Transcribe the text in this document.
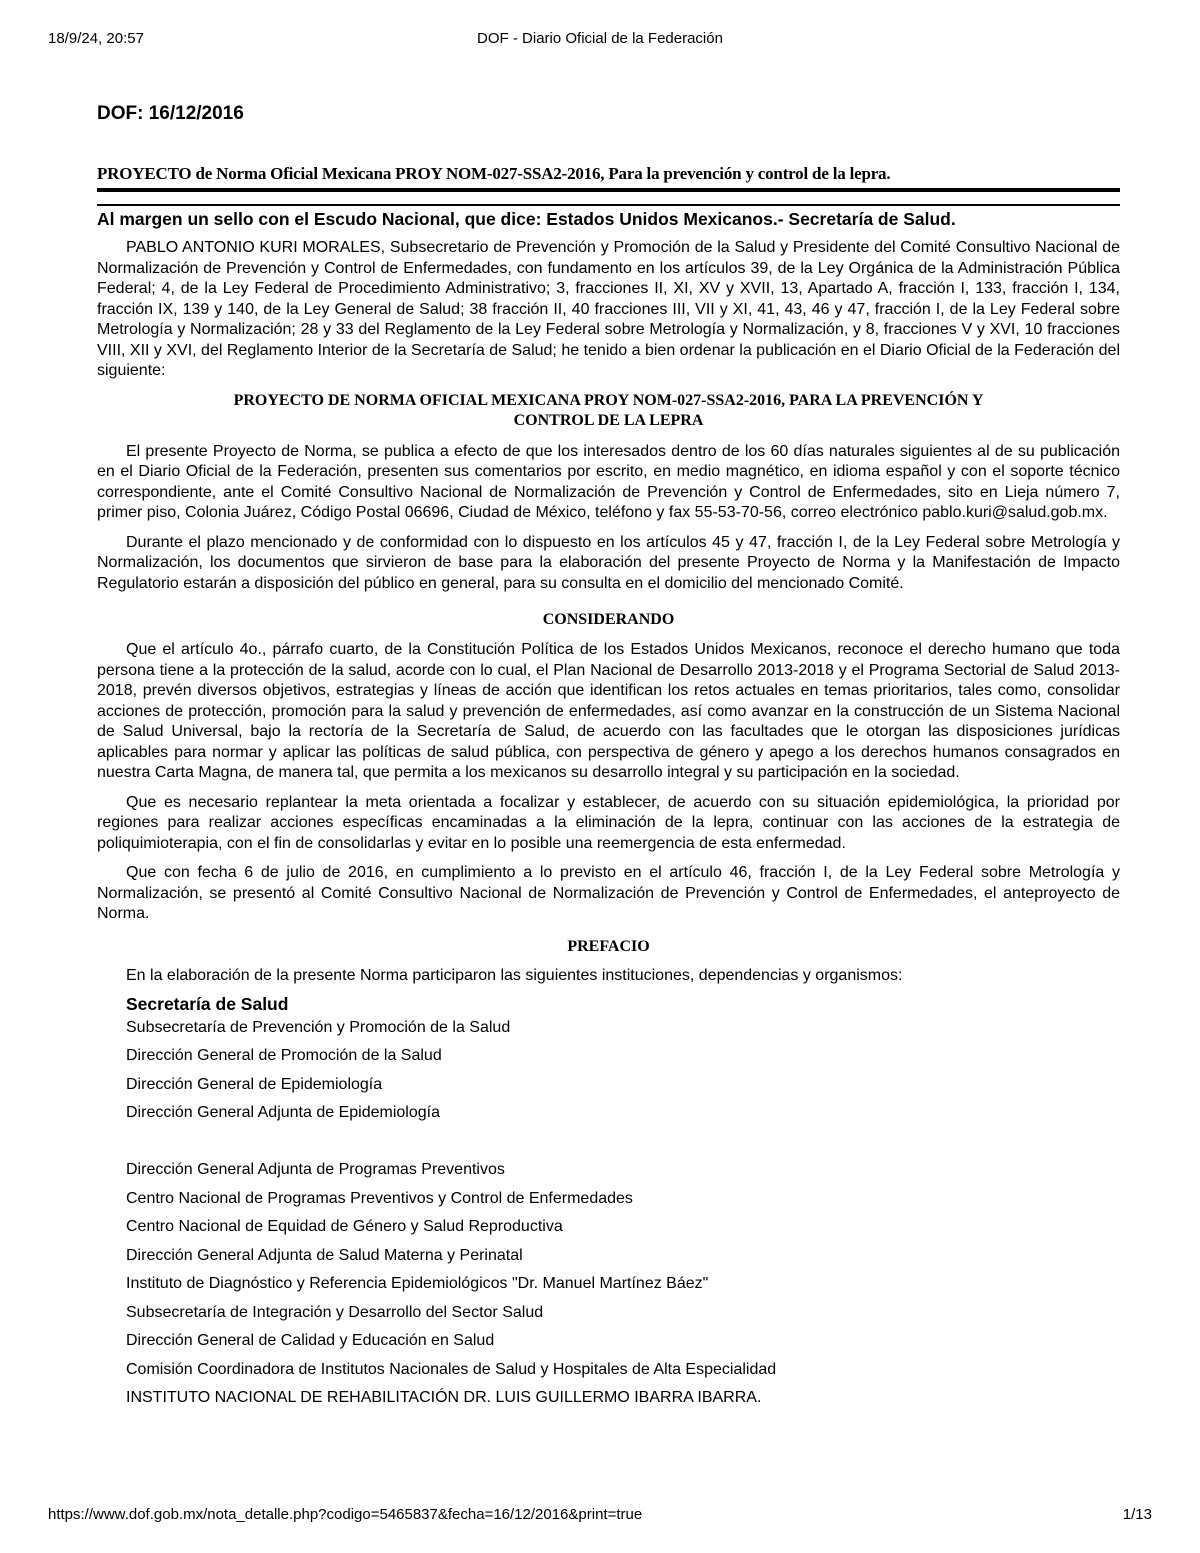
18/9/24, 20:57	DOF - Diario Oficial de la Federación
DOF: 16/12/2016
PROYECTO de Norma Oficial Mexicana PROY NOM-027-SSA2-2016, Para la prevención y control de la lepra.
Al margen un sello con el Escudo Nacional, que dice: Estados Unidos Mexicanos.- Secretaría de Salud.

PABLO ANTONIO KURI MORALES, Subsecretario de Prevención y Promoción de la Salud y Presidente del Comité Consultivo Nacional de Normalización de Prevención y Control de Enfermedades, con fundamento en los artículos 39, de la Ley Orgánica de la Administración Pública Federal; 4, de la Ley Federal de Procedimiento Administrativo; 3, fracciones II, XI, XV y XVII, 13, Apartado A, fracción I, 133, fracción I, 134, fracción IX, 139 y 140, de la Ley General de Salud; 38 fracción II, 40 fracciones III, VII y XI, 41, 43, 46 y 47, fracción I, de la Ley Federal sobre Metrología y Normalización; 28 y 33 del Reglamento de la Ley Federal sobre Metrología y Normalización, y 8, fracciones V y XVI, 10 fracciones VIII, XII y XVI, del Reglamento Interior de la Secretaría de Salud; he tenido a bien ordenar la publicación en el Diario Oficial de la Federación del siguiente:

PROYECTO DE NORMA OFICIAL MEXICANA PROY NOM-027-SSA2-2016, PARA LA PREVENCIÓN Y
CONTROL DE LA LEPRA

El presente Proyecto de Norma, se publica a efecto de que los interesados dentro de los 60 días naturales siguientes al de su publicación en el Diario Oficial de la Federación, presenten sus comentarios por escrito, en medio magnético, en idioma español y con el soporte técnico correspondiente, ante el Comité Consultivo Nacional de Normalización de Prevención y Control de Enfermedades, sito en Lieja número 7, primer piso, Colonia Juárez, Código Postal 06696, Ciudad de México, teléfono y fax 55-53-70-56, correo electrónico pablo.kuri@salud.gob.mx.

Durante el plazo mencionado y de conformidad con lo dispuesto en los artículos 45 y 47, fracción I, de la Ley Federal sobre Metrología y Normalización, los documentos que sirvieron de base para la elaboración del presente Proyecto de Norma y la Manifestación de Impacto Regulatorio estarán a disposición del público en general, para su consulta en el domicilio del mencionado Comité.

CONSIDERANDO

Que el artículo 4o., párrafo cuarto, de la Constitución Política de los Estados Unidos Mexicanos, reconoce el derecho humano que toda persona tiene a la protección de la salud, acorde con lo cual, el Plan Nacional de Desarrollo 2013-2018 y el Programa Sectorial de Salud 2013-2018, prevén diversos objetivos, estrategias y líneas de acción que identifican los retos actuales en temas prioritarios, tales como, consolidar acciones de protección, promoción para la salud y prevención de enfermedades, así como avanzar en la construcción de un Sistema Nacional de Salud Universal, bajo la rectoría de la Secretaría de Salud, de acuerdo con las facultades que le otorgan las disposiciones jurídicas aplicables para normar y aplicar las políticas de salud pública, con perspectiva de género y apego a los derechos humanos consagrados en nuestra Carta Magna, de manera tal, que permita a los mexicanos su desarrollo integral y su participación en la sociedad.

Que es necesario replantear la meta orientada a focalizar y establecer, de acuerdo con su situación epidemiológica, la prioridad por regiones para realizar acciones específicas encaminadas a la eliminación de la lepra, continuar con las acciones de la estrategia de poliquimioterapia, con el fin de consolidarlas y evitar en lo posible una reemergencia de esta enfermedad.

Que con fecha 6 de julio de 2016, en cumplimiento a lo previsto en el artículo 46, fracción I, de la Ley Federal sobre Metrología y Normalización, se presentó al Comité Consultivo Nacional de Normalización de Prevención y Control de Enfermedades, el anteproyecto de Norma.

PREFACIO

En la elaboración de la presente Norma participaron las siguientes instituciones, dependencias y organismos:

Secretaría de Salud
Subsecretaría de Prevención y Promoción de la Salud
Dirección General de Promoción de la Salud
Dirección General de Epidemiología
Dirección General Adjunta de Epidemiología
Dirección General Adjunta de Programas Preventivos
Centro Nacional de Programas Preventivos y Control de Enfermedades
Centro Nacional de Equidad de Género y Salud Reproductiva
Dirección General Adjunta de Salud Materna y Perinatal
Instituto de Diagnóstico y Referencia Epidemiológicos "Dr. Manuel Martínez Báez"
Subsecretaría de Integración y Desarrollo del Sector Salud
Dirección General de Calidad y Educación en Salud
Comisión Coordinadora de Institutos Nacionales de Salud y Hospitales de Alta Especialidad
INSTITUTO NACIONAL DE REHABILITACIÓN DR. LUIS GUILLERMO IBARRA IBARRA.
https://www.dof.gob.mx/nota_detalle.php?codigo=5465837&fecha=16/12/2016&print=true	1/13
